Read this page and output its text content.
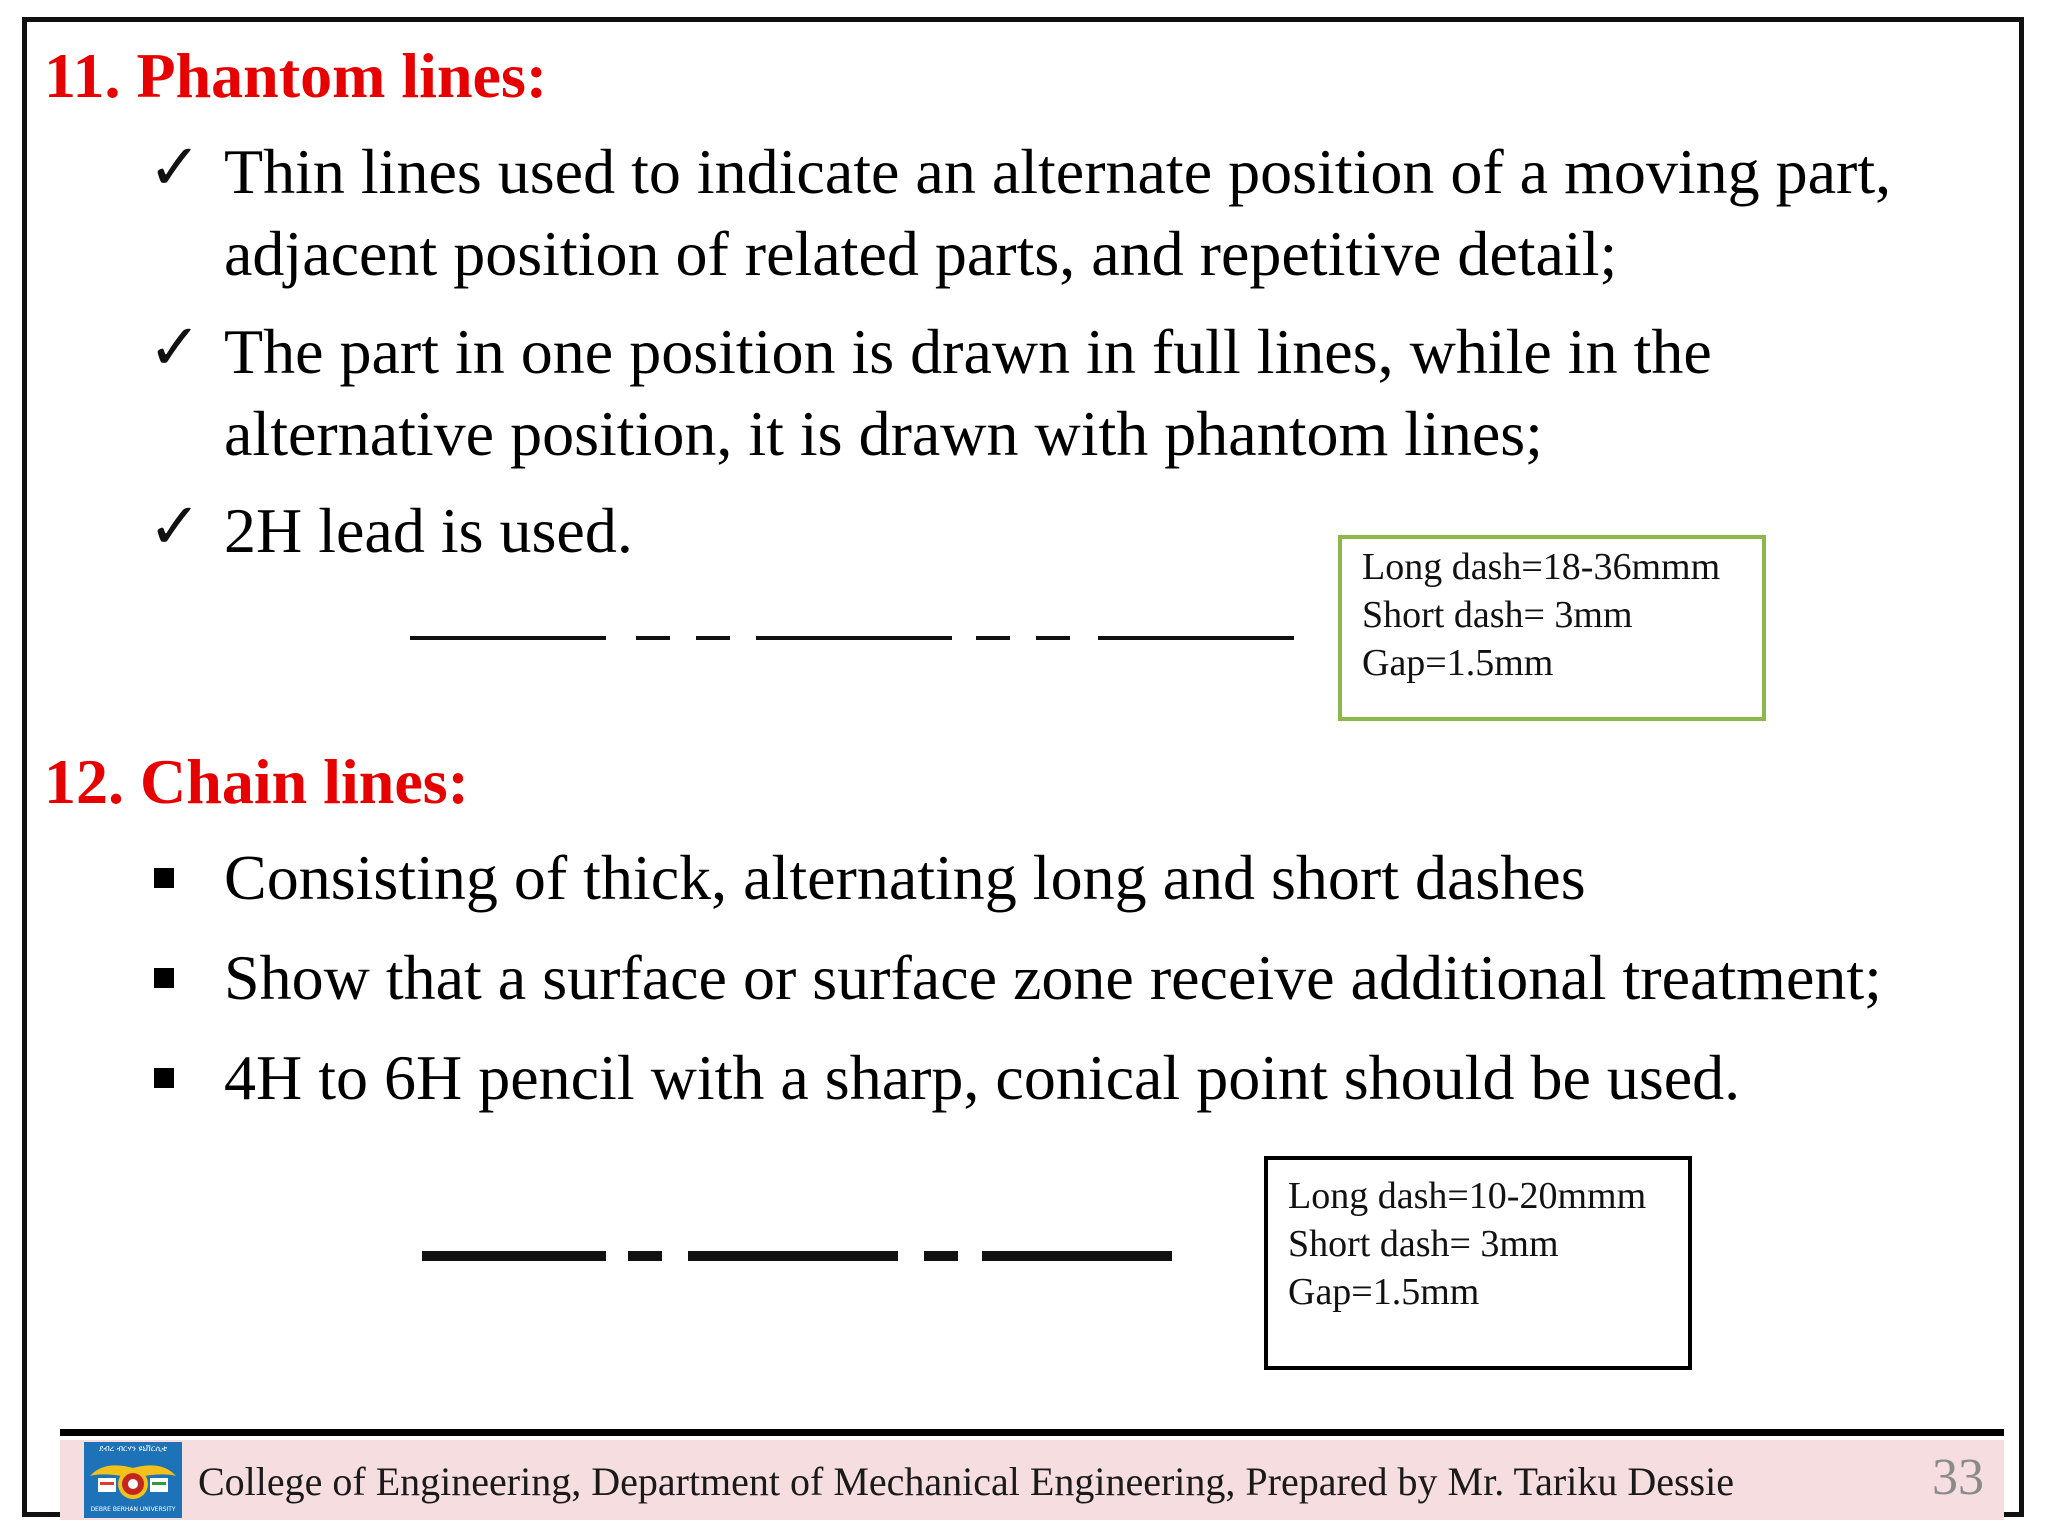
11. Phantom lines:
✓ Thin lines used to indicate an alternate position of a moving part,
adjacent position of related parts, and repetitive detail;
✓ The part in one position is drawn in full lines, while in the
alternative position, it is drawn with phantom lines;
✓ 2H lead is used.
Long dash=18-36mmm
Short dash= 3mm
Gap=1.5mm
12. Chain lines:
Consisting of thick, alternating long and short dashes
Show that a surface or surface zone receive additional treatment;
4H to 6H pencil with a sharp, conical point should be used.
Long dash=10-20mmm
Short dash= 3mm
Gap=1.5mm
ደብረ ብርሃን ዩኒቨርሲቲ
DEBRE BERHAN UNIVERSITY
College of Engineering, Department of Mechanical Engineering, Prepared by Mr. Tariku Dessie	33
